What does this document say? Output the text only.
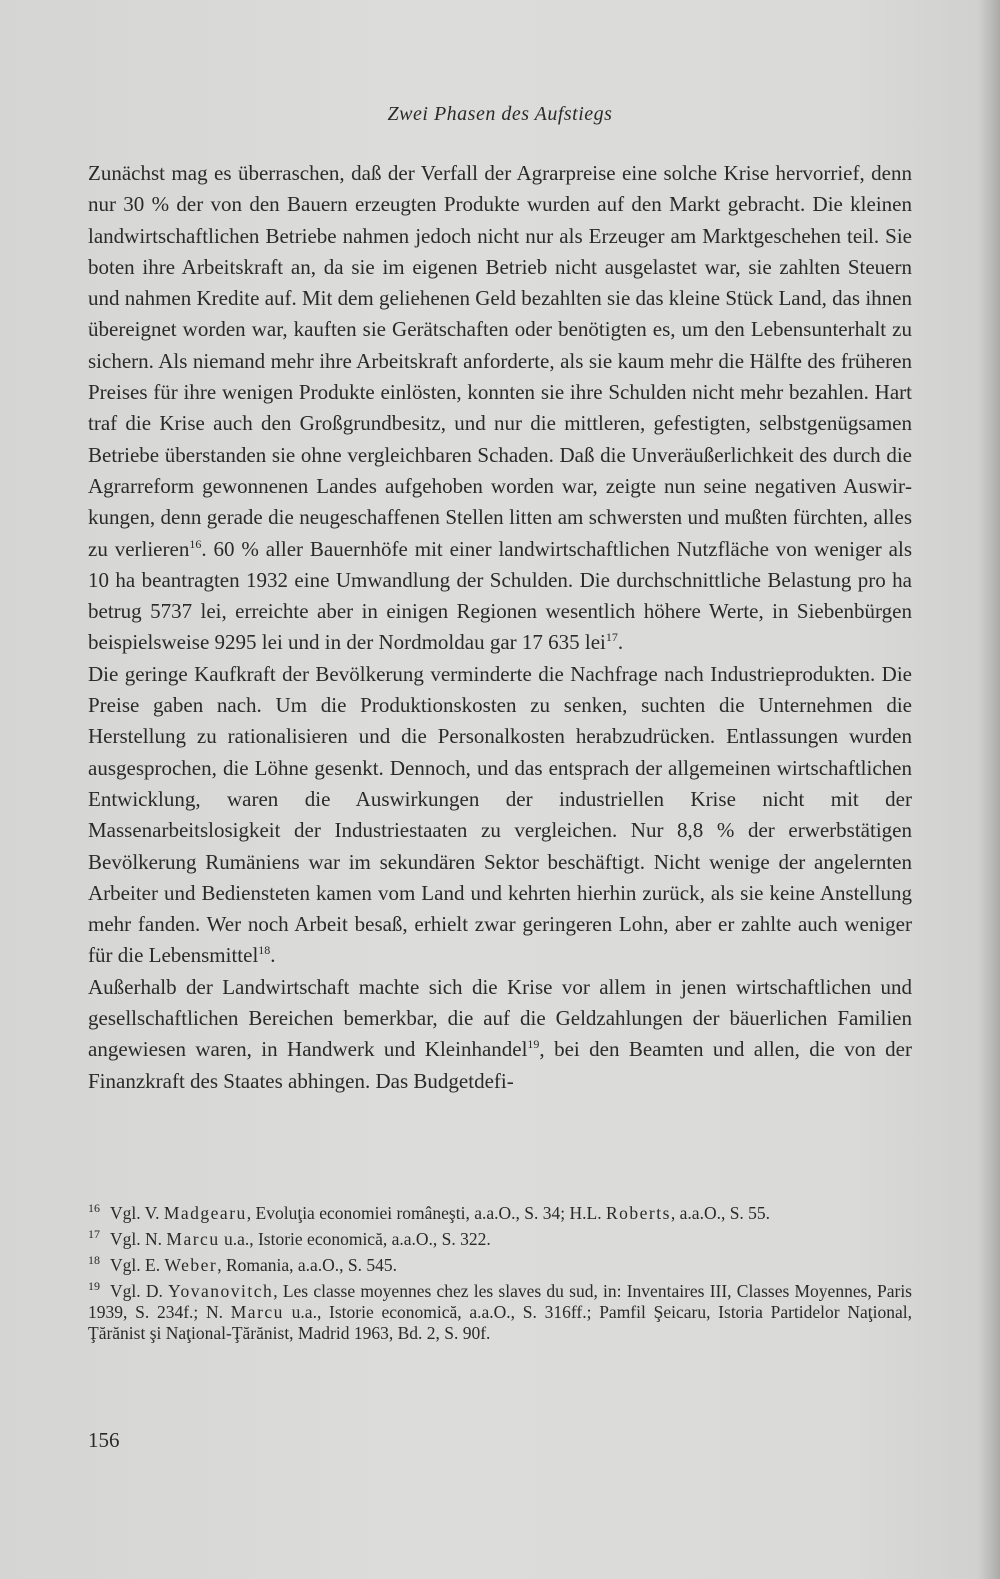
Zwei Phasen des Aufstiegs

Zunächst mag es überraschen, daß der Verfall der Agrarpreise eine solche Krise hervorrief, denn nur 30 % der von den Bauern erzeugten Produkte wurden auf den Markt gebracht. Die kleinen landwirtschaftlichen Betriebe nahmen jedoch nicht nur als Erzeuger am Marktgeschehen teil. Sie boten ihre Arbeitskraft an, da sie im eigenen Betrieb nicht ausgelastet war, sie zahlten Steuern und nahmen Kredite auf. Mit dem geliehenen Geld bezahlten sie das kleine Stück Land, das ihnen übereignet worden war, kauften sie Gerätschaften oder benötigten es, um den Lebensunterhalt zu sichern. Als niemand mehr ihre Arbeitskraft anforderte, als sie kaum mehr die Hälfte des früheren Preises für ihre wenigen Produkte einlösten, konnten sie ihre Schulden nicht mehr bezahlen. Hart traf die Krise auch den Großgrundbesitz, und nur die mittleren, gefestigten, selbstgenügsamen Betriebe überstanden sie ohne vergleichbaren Schaden. Daß die Unveräußerlichkeit des durch die Agrarreform gewonnenen Landes aufgehoben worden war, zeigte nun seine negativen Auswirkungen, denn gerade die neugeschaffenen Stellen litten am schwersten und mußten fürchten, alles zu verlieren$^{16}$. 60 % aller Bauernhöfe mit einer landwirtschaftlichen Nutzfläche von weniger als 10 ha beantragten 1932 eine Umwandlung der Schulden. Die durchschnittliche Belastung pro ha betrug 5737 lei, erreichte aber in einigen Regionen wesentlich höhere Werte, in Siebenbürgen beispielsweise 9295 lei und in der Nordmoldau gar 17 635 lei$^{17}$.

Die geringe Kaufkraft der Bevölkerung verminderte die Nachfrage nach Industrieprodukten. Die Preise gaben nach. Um die Produktionskosten zu senken, suchten die Unternehmen die Herstellung zu rationalisieren und die Personalkosten herabzudrücken. Entlassungen wurden ausgesprochen, die Löhne gesenkt. Dennoch, und das entsprach der allgemeinen wirtschaftlichen Entwicklung, waren die Auswirkungen der industriellen Krise nicht mit der Massenarbeitslosigkeit der Industriestaaten zu vergleichen. Nur 8,8 % der erwerbstätigen Bevölkerung Rumäniens war im sekundären Sektor beschäftigt. Nicht wenige der angelernten Arbeiter und Bediensteten kamen vom Land und kehrten hierhin zurück, als sie keine Anstellung mehr fanden. Wer noch Arbeit besaß, erhielt zwar geringeren Lohn, aber er zahlte auch weniger für die Lebensmittel$^{18}$.

Außerhalb der Landwirtschaft machte sich die Krise vor allem in jenen wirtschaftlichen und gesellschaftlichen Bereichen bemerkbar, die auf die Geldzahlungen der bäuerlichen Familien angewiesen waren, in Handwerk und Kleinhandel$^{19}$, bei den Beamten und allen, die von der Finanzkraft des Staates abhingen. Das Budgetdefi-

$^{16}$ Vgl. V. Madgearu, Evoluţia economiei româneşti, a.a.O., S. 34; H.L. Roberts, a.a.O., S. 55.

$^{17}$ Vgl. N. Marcu u.a., Istorie economică, a.a.O., S. 322.

$^{18}$ Vgl. E. Weber, Romania, a.a.O., S. 545.

$^{19}$ Vgl. D. Yovanovitch, Les classe moyennes chez les slaves du sud, in: Inventaires III, Classes Moyennes, Paris 1939, S. 234f.; N. Marcu u.a., Istorie economică, a.a.O., S. 316ff.; Pamfil Şeicaru, Istoria Partidelor Naţional, Ţărănist şi Naţional-Ţărănist, Madrid 1963, Bd. 2, S. 90f.

156
